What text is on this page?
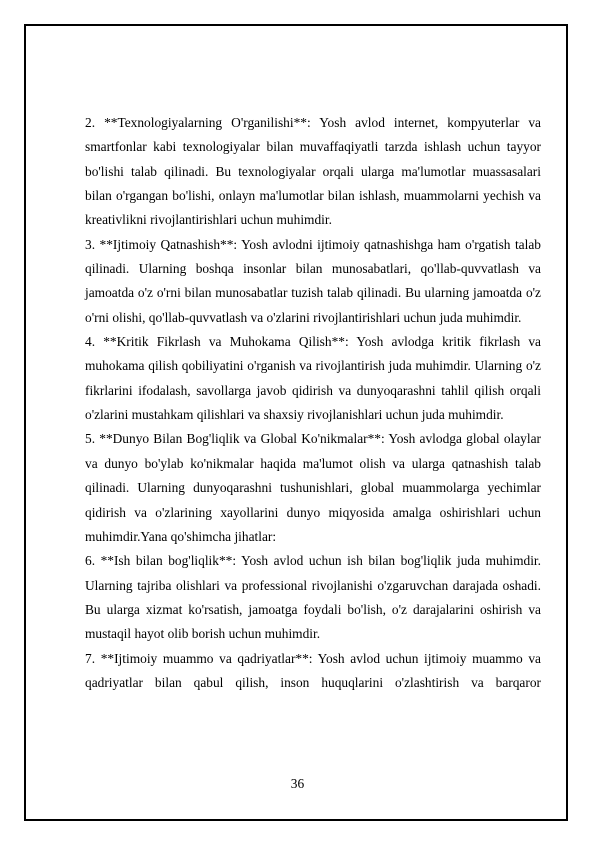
2. **Texnologiyalarning O'rganilishi**: Yosh avlod internet, kompyuterlar va smartfonlar kabi texnologiyalar bilan muvaffaqiyatli tarzda ishlash uchun tayyor bo'lishi talab qilinadi. Bu texnologiyalar orqali ularga ma'lumotlar muassasalari bilan o'rgangan bo'lishi, onlayn ma'lumotlar bilan ishlash, muammolarni yechish va kreativlikni rivojlantirishlari uchun muhimdir.

3. **Ijtimoiy Qatnashish**: Yosh avlodni ijtimoiy qatnashishga ham o'rgatish talab qilinadi. Ularning boshqa insonlar bilan munosabatlari, qo'llab-quvvatlash va jamoatda o'z o'rni bilan munosabatlar tuzish talab qilinadi. Bu ularning jamoatda o'z o'rni olishi, qo'llab-quvvatlash va o'zlarini rivojlantirishlari uchun juda muhimdir.

4. **Kritik Fikrlash va Muhokama Qilish**: Yosh avlodga kritik fikrlash va muhokama qilish qobiliyatini o'rganish va rivojlantirish juda muhimdir. Ularning o'z fikrlarini ifodalash, savollarga javob qidirish va dunyoqarashni tahlil qilish orqali o'zlarini mustahkam qilishlari va shaxsiy rivojlanishlari uchun juda muhimdir.

5. **Dunyo Bilan Bog'liqlik va Global Ko'nikmalar**: Yosh avlodga global olaylar va dunyo bo'ylab ko'nikmalar haqida ma'lumot olish va ularga qatnashish talab qilinadi. Ularning dunyoqarashni tushunishlari, global muammolarga yechimlar qidirish va o'zlarining xayollarini dunyo miqyosida amalga oshirishlari uchun muhimdir.Yana qo'shimcha jihatlar:

6. **Ish bilan bog'liqlik**: Yosh avlod uchun ish bilan bog'liqlik juda muhimdir. Ularning tajriba olishlari va professional rivojlanishi o'zgaruvchan darajada oshadi. Bu ularga xizmat ko'rsatish, jamoatga foydali bo'lish, o'z darajalarini oshirish va mustaqil hayot olib borish uchun muhimdir.

7. **Ijtimoiy muammo va qadriyatlar**: Yosh avlod uchun ijtimoiy muammo va qadriyatlar bilan qabul qilish, inson huquqlarini o'zlashtirish va barqaror

36
